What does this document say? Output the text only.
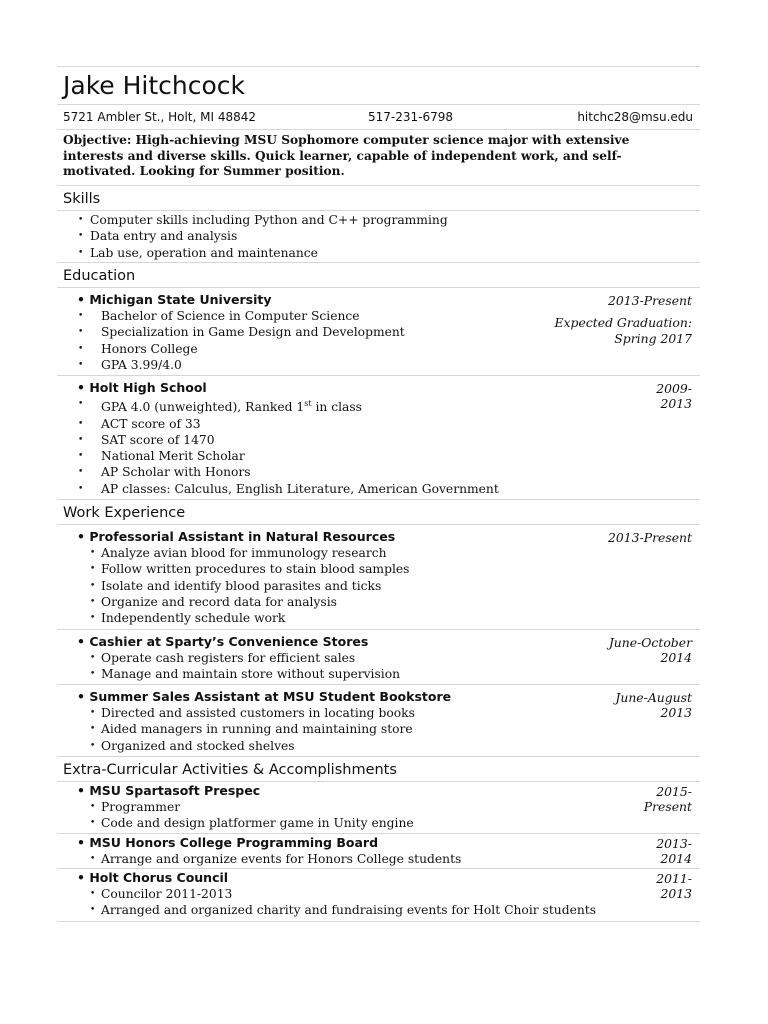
Jake Hitchcock
5721 Ambler St., Holt, MI 48842	517-231-6798	hitchc28@msu.edu
Objective: High-achieving MSU Sophomore computer science major with extensive interests and diverse skills. Quick learner, capable of independent work, and self-motivated. Looking for Summer position.
Skills
• Computer skills including Python and C++ programming
• Data entry and analysis
• Lab use, operation and maintenance
Education
• Michigan State University	2013-Present
Expected Graduation:
Spring 2017
• Bachelor of Science in Computer Science
• Specialization in Game Design and Development
• Honors College
• GPA 3.99/4.0
• Holt High School	2009-
2013
• GPA 4.0 (unweighted), Ranked 1st in class
• ACT score of 33
• SAT score of 1470
• National Merit Scholar
• AP Scholar with Honors
• AP classes: Calculus, English Literature, American Government
Work Experience
• Professorial Assistant in Natural Resources	2013-Present
• Analyze avian blood for immunology research
• Follow written procedures to stain blood samples
• Isolate and identify blood parasites and ticks
• Organize and record data for analysis
• Independently schedule work
• Cashier at Sparty’s Convenience Stores	June-October
2014
• Operate cash registers for efficient sales
• Manage and maintain store without supervision
• Summer Sales Assistant at MSU Student Bookstore	June-August
2013
• Directed and assisted customers in locating books
• Aided managers in running and maintaining store
• Organized and stocked shelves
Extra-Curricular Activities & Accomplishments
• MSU Spartasoft Prespec	2015-
Present
• Programmer
• Code and design platformer game in Unity engine
• MSU Honors College Programming Board	2013-
2014
• Arrange and organize events for Honors College students
• Holt Chorus Council	2011-
2013
• Councilor 2011-2013
• Arranged and organized charity and fundraising events for Holt Choir students
